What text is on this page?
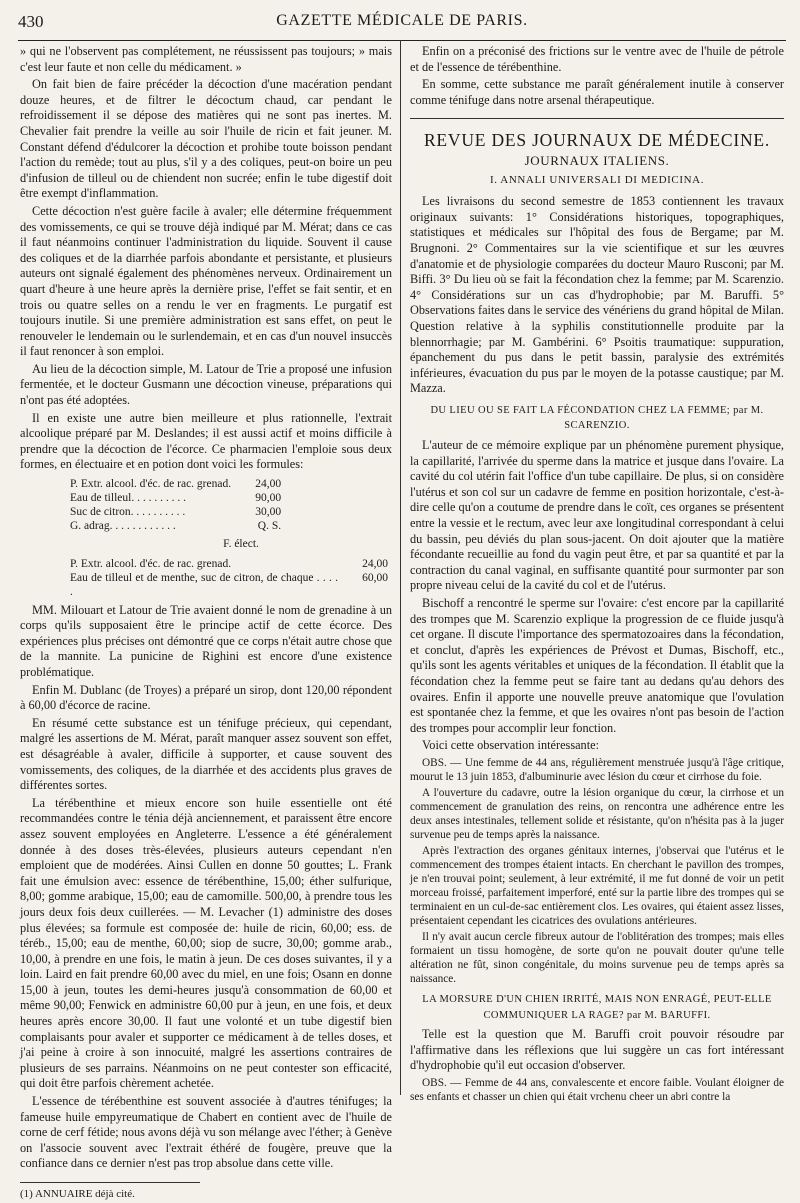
430	GAZETTE MÉDICALE DE PARIS.

» qui ne l'observent pas complétement, ne réussissent pas toujours; » mais c'est leur faute et non celle du médicament. »

On fait bien de faire précéder la décoction d'une macération pendant douze heures, et de filtrer le décoctum chaud, car pendant le refroidissement il se dépose des matières qui ne sont pas inertes. M. Chevalier fait prendre la veille au soir l'huile de ricin et fait jeuner. M. Constant défend d'édulcorer la décoction et prohibe toute boisson pendant l'action du remède; tout au plus, s'il y a des coliques, peut-on boire un peu d'infusion de tilleul ou de chiendent non sucrée; enfin le tube digestif doit être exempt d'inflammation.

Cette décoction n'est guère facile à avaler; elle détermine fréquemment des vomissements, ce qui se trouve déjà indiqué par M. Mérat; dans ce cas il faut néanmoins continuer l'administration du liquide. Souvent il cause des coliques et de la diarrhée parfois abondante et persistante, et plusieurs auteurs ont signalé également des phénomènes nerveux. Ordinairement un quart d'heure à une heure après la dernière prise, l'effet se fait sentir, et en trois ou quatre selles on a rendu le ver en fragments. Le purgatif est toujours inutile. Si une première administration est sans effet, on peut le renouveler le lendemain ou le surlendemain, et en cas d'un nouvel insuccès il faut renoncer à son emploi.

Au lieu de la décoction simple, M. Latour de Trie a proposé une infusion fermentée, et le docteur Gusmann une décoction vineuse, préparations qui n'ont pas été adoptées.

Il en existe une autre bien meilleure et plus rationnelle, l'extrait alcoolique préparé par M. Deslandes; il est aussi actif et moins difficile à prendre que la décoction de l'écorce. Ce pharmacien l'emploie sous deux formes, en électuaire et en potion dont voici les formules:

P. Extr. alcool. d'éc. de rac. grenad.	24,00
Eau de tilleul. . . . . . . . . .	90,00
Suc de citron. . . . . . . . . .	30,00
G. adrag. . . . . . . . . . . .	Q. S.
F. élect.
P. Extr. alcool. d'éc. de rac. grenad.	24,00
Eau de tilleul et de menthe, suc de citron, de chaque . . . . .	60,00

MM. Milouart et Latour de Trie avaient donné le nom de grenadine à un corps qu'ils supposaient être le principe actif de cette écorce. Des expériences plus précises ont démontré que ce corps n'était autre chose que de la mannite. La punicine de Righini est encore d'une existence problématique.

Enfin M. Dublanc (de Troyes) a préparé un sirop, dont 120,00 répondent à 60,00 d'écorce de racine.

En résumé cette substance est un ténifuge précieux, qui cependant, malgré les assertions de M. Mérat, paraît manquer assez souvent son effet, est désagréable à avaler, difficile à supporter, et cause souvent des vomissements, des coliques, de la diarrhée et des accidents plus graves de différentes sortes.

La térébenthine et mieux encore son huile essentielle ont été recommandées contre le ténia déjà anciennement, et paraissent être encore assez souvent employées en Angleterre. L'essence a été généralement donnée à des doses très-élevées, plusieurs auteurs cependant n'en emploient que de modérées. Ainsi Cullen en donne 50 gouttes; L. Frank fait une émulsion avec: essence de térébenthine, 15,00; éther sulfurique, 8,00; gomme arabique, 15,00; eau de camomille. 500,00, à prendre tous les jours deux fois deux cuillerées. — M. Levacher (1) administre des doses plus élevées; sa formule est composée de: huile de ricin, 60,00; ess. de téréb., 15,00; eau de menthe, 60,00; siop de sucre, 30,00; gomme arab., 10,00, à prendre en une fois, le matin à jeun. De ces doses suivantes, il y a loin. Laird en fait prendre 60,00 avec du miel, en une fois; Osann en donne 15,00 à jeun, toutes les demi-heures jusqu'à consommation de 60,00 et même 90,00; Fenwick en administre 60,00 pur à jeun, en une fois, et deux heures après encore 30,00. Il faut une volonté et un tube digestif bien complaisants pour avaler et supporter ce médicament à de telles doses, et j'ai peine à croire à son innocuité, malgré les assertions contraires de plusieurs de ses parrains. Néanmoins on ne peut contester son efficacité, qui doit être parfois chèrement achetée.

L'essence de térébenthine est souvent associée à d'autres ténifuges; la fameuse huile empyreumatique de Chabert en contient avec de l'huile de corne de cerf fétide; nous avons déjà vu son mélange avec l'éther; à Genève on l'associe souvent avec l'extrait éthéré de fougère, preuve que la confiance dans ce dernier n'est pas trop absolue dans cette ville.

(1) ANNUAIRE déjà cité.

Enfin on a préconisé des frictions sur le ventre avec de l'huile de pétrole et de l'essence de térébenthine.

En somme, cette substance me paraît généralement inutile à conserver comme ténifuge dans notre arsenal thérapeutique.

REVUE DES JOURNAUX DE MÉDECINE.
JOURNAUX ITALIENS.
I. ANNALI UNIVERSALI DI MEDICINA.

Les livraisons du second semestre de 1853 contiennent les travaux originaux suivants: 1° Considérations historiques, topographiques, statistiques et médicales sur l'hôpital des fous de Bergame; par M. Brugnoni. 2° Commentaires sur la vie scientifique et sur les œuvres d'anatomie et de physiologie comparées du docteur Mauro Rusconi; par M. Biffi. 3° Du lieu où se fait la fécondation chez la femme; par M. Scarenzio. 4° Considérations sur un cas d'hydrophobie; par M. Baruffi. 5° Observations faites dans le service des vénériens du grand hôpital de Milan. Question relative à la syphilis constitutionnelle produite par la blennorrhagie; par M. Gambérini. 6° Psoitis traumatique: suppuration, épanchement du pus dans le petit bassin, paralysie des extrémités inférieures, évacuation du pus par le moyen de la potasse caustique; par M. Mazza.

DU LIEU OU SE FAIT LA FÉCONDATION CHEZ LA FEMME; par M. SCARENZIO.

L'auteur de ce mémoire explique par un phénomène purement physique, la capillarité, l'arrivée du sperme dans la matrice et jusque dans l'ovaire. La cavité du col utérin fait l'office d'un tube capillaire. De plus, si on considère l'utérus et son col sur un cadavre de femme en position horizontale, c'est-à-dire celle qu'on a coutume de prendre dans le coït, ces organes se présentent entre la vessie et le rectum, avec leur axe longitudinal correspondant à celui du bassin, peu déviés du plan sous-jacent. On doit ajouter que la matière fécondante recueillie au fond du vagin peut être, et par sa quantité et par la contraction du canal vaginal, en suffisante quantité pour surmonter par son propre niveau celui de la cavité du col et de l'utérus.

Bischoff a rencontré le sperme sur l'ovaire: c'est encore par la capillarité des trompes que M. Scarenzio explique la progression de ce fluide jusqu'à cet organe. Il discute l'importance des spermatozoaires dans la fécondation, et conclut, d'après les expériences de Prévost et Dumas, Bischoff, etc., qu'ils sont les agents véritables et uniques de la fécondation. Il établit que la fécondation chez la femme peut se faire tant au dedans qu'au dehors des ovaires. Enfin il apporte une nouvelle preuve anatomique que l'ovulation est spontanée chez la femme, et que les ovaires n'ont pas besoin de l'action des trompes pour accomplir leur fonction.

Voici cette observation intéressante:

OBS. — Une femme de 44 ans, régulièrement menstruée jusqu'à l'âge critique, mourut le 13 juin 1853, d'albuminurie avec lésion du cœur et cirrhose du foie.

A l'ouverture du cadavre, outre la lésion organique du cœur, la cirrhose et un commencement de granulation des reins, on rencontra une adhérence entre les deux anses intestinales, tellement solide et résistante, qu'on n'hésita pas à la juger survenue peu de temps après la naissance.

Après l'extraction des organes génitaux internes, j'observai que l'utérus et le commencement des trompes étaient intacts. En cherchant le pavillon des trompes, je n'en trouvai point; seulement, à leur extrémité, il me fut donné de voir un petit morceau froissé, parfaitement imperforé, enté sur la partie libre des trompes qui se terminaient en un cul-de-sac entièrement clos. Les ovaires, qui étaient assez lisses, présentaient cependant les cicatrices des ovulations antérieures.

Il n'y avait aucun cercle fibreux autour de l'oblitération des trompes; mais elles formaient un tissu homogène, de sorte qu'on ne pouvait douter qu'une telle altération ne fût, sinon congénitale, du moins survenue peu de temps après sa naissance.

LA MORSURE D'UN CHIEN IRRITÉ, MAIS NON ENRAGÉ, PEUT-ELLE COMMUNIQUER LA RAGE? par M. BARUFFI.

Telle est la question que M. Baruffi croit pouvoir résoudre par l'affirmative dans les réflexions que lui suggère un cas fort intéressant d'hydrophobie qu'il eut occasion d'observer.

OBS. — Femme de 44 ans, convalescente et encore faible. Voulant éloigner de ses enfants et chasser un chien qui était vrchenu cheer un abri contre la
